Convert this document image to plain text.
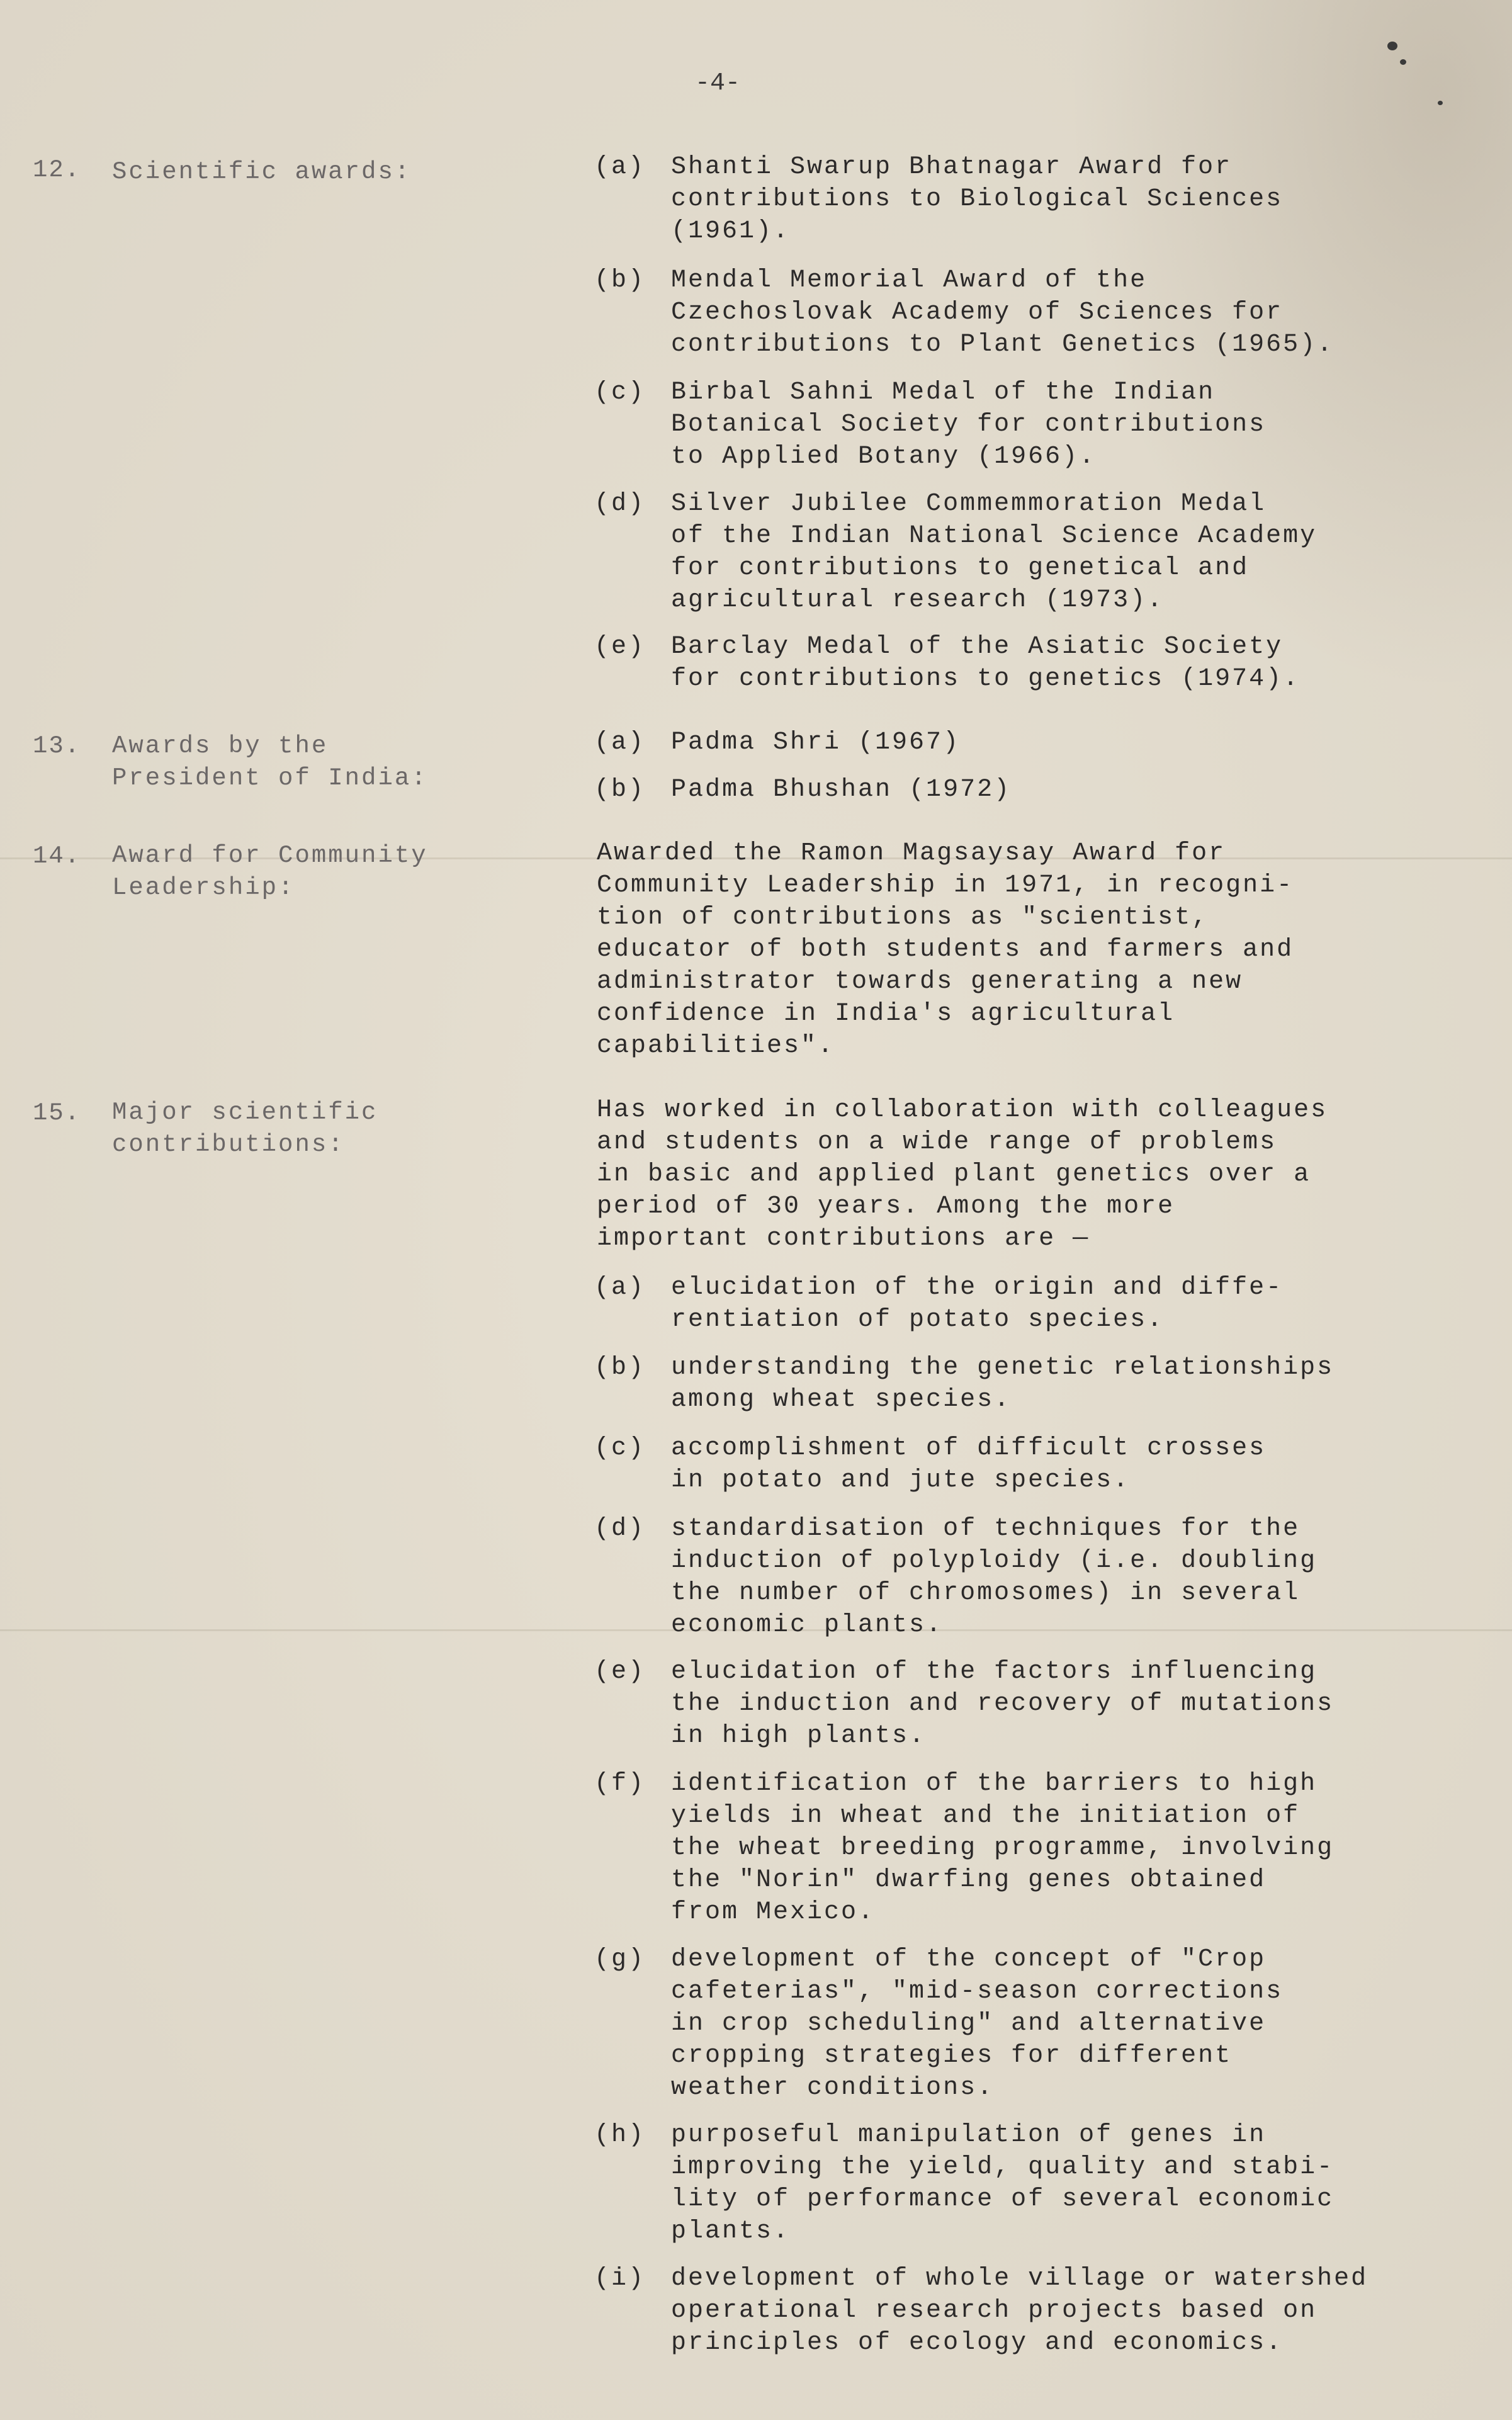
-4-
12.	Scientific awards:	(a)	Shanti Swarup Bhatnagar Award for
contributions to Biological Sciences
(1961).
(b)	Mendal Memorial Award of the
Czechoslovak Academy of Sciences for
contributions to Plant Genetics (1965).
(c)	Birbal Sahni Medal of the Indian
Botanical Society for contributions
to Applied Botany (1966).
(d)	Silver Jubilee Commemmoration Medal
of the Indian National Science Academy
for contributions to genetical and
agricultural research (1973).
(e)	Barclay Medal of the Asiatic Society
for contributions to genetics (1974).
13.	Awards by the
President of India:
(a)	Padma Shri (1967)
(b)	Padma Bhushan (1972)
14.	Award for Community
Leadership:
Awarded the Ramon Magsaysay Award for
Community Leadership in 1971, in recogni-
tion of contributions as "scientist,
educator of both students and farmers and
administrator towards generating a new
confidence in India's agricultural
capabilities".
15.	Major scientific
contributions:
Has worked in collaboration with colleagues
and students on a wide range of problems
in basic and applied plant genetics over a
period of 30 years. Among the more
important contributions are —
(a)	elucidation of the origin and diffe-
rentiation of potato species.
(b)	understanding the genetic relationships
among wheat species.
(c)	accomplishment of difficult crosses
in potato and jute species.
(d)	standardisation of techniques for the
induction of polyploidy (i.e. doubling
the number of chromosomes) in several
economic plants.
(e)	elucidation of the factors influencing
the induction and recovery of mutations
in high plants.
(f)	identification of the barriers to high
yields in wheat and the initiation of
the wheat breeding programme, involving
the "Norin" dwarfing genes obtained
from Mexico.
(g)	development of the concept of "Crop
cafeterias", "mid-season corrections
in crop scheduling" and alternative
cropping strategies for different
weather conditions.
(h)	purposeful manipulation of genes in
improving the yield, quality and stabi-
lity of performance of several economic
plants.
(i)	development of whole village or watershed
operational research projects based on
principles of ecology and economics.
